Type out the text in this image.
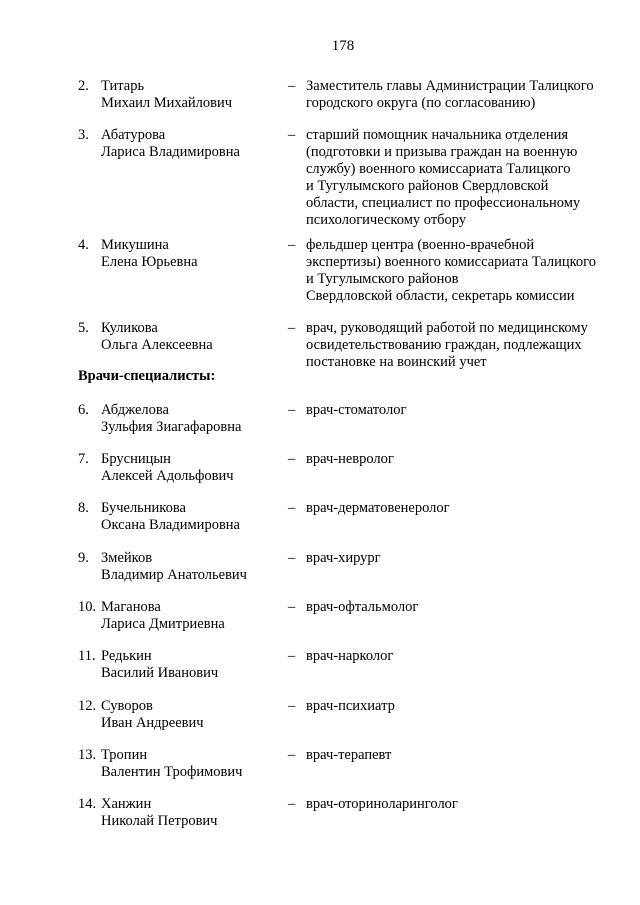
178
2. Титарь
Михаил Михайлович
– Заместитель главы Администрации Талицкого
городского округа (по согласованию)
3. Абатурова
Лариса Владимировна
– старший помощник начальника отделения
(подготовки и призыва граждан на военную
службу) военного комиссариата Талицкого
и Тугулымского районов Свердловской
области, специалист по профессиональному
психологическому отбору
4. Микушина
Елена Юрьевна
– фельдшер центра (военно-врачебной
экспертизы) военного комиссариата Талицкого
и Тугулымского районов
Свердловской области, секретарь комиссии
5. Куликова
Ольга Алексеевна
– врач, руководящий работой по медицинскому
освидетельствованию граждан, подлежащих
постановке на воинский учет
Врачи-специалисты:
6. Абджелова
Зульфия Зиагафаровна
– врач-стоматолог
7. Брусницын
Алексей Адольфович
– врач-невролог
8. Бучельникова
Оксана Владимировна
– врач-дерматовенеролог
9. Змейков
Владимир Анатольевич
– врач-хирург
10. Маганова
Лариса Дмитриевна
– врач-офтальмолог
11. Редькин
Василий Иванович
– врач-нарколог
12. Суворов
Иван Андреевич
– врач-психиатр
13. Тропин
Валентин Трофимович
– врач-терапевт
14. Ханжин
Николай Петрович
– врач-оториноларинголог
